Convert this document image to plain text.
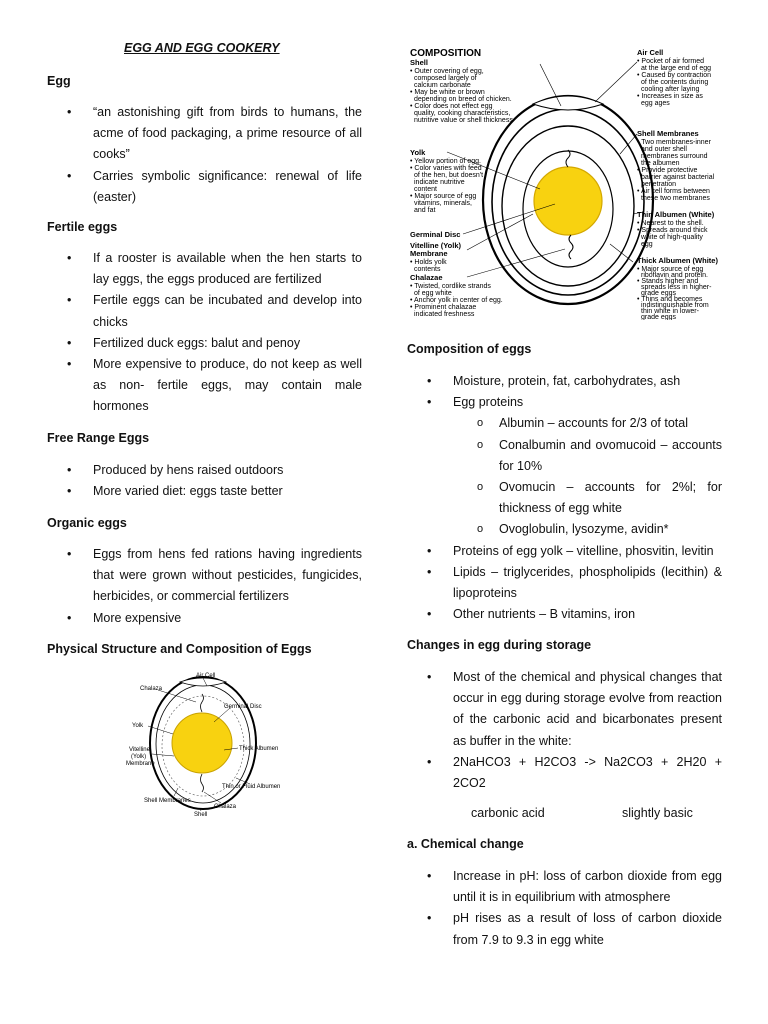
EGG AND EGG COOKERY
Egg
• “an astonishing gift from birds to humans, the acme of food packaging, a prime resource of all cooks”
• Carries symbolic significance: renewal of life (easter)
Fertile eggs
• If a rooster is available when the hen starts to lay eggs, the eggs produced are fertilized
• Fertile eggs can be incubated and develop into chicks
• Fertilized duck eggs: balut and penoy
• More expensive to produce, do not keep as well as non- fertile eggs, may contain male hormones
Free Range Eggs
• Produced by hens raised outdoors
• More varied diet: eggs taste better
Organic eggs
• Eggs from hens fed rations having ingredients that were grown without pesticides, fungicides, herbicides, or commercial fertilizers
• More expensive
Physical Structure and Composition of Eggs
Air Cell
Chalaza
Germinal Disc
Yolk
Thick Albumen
Vitelline
(Yolk)
Membrane
Thin or Fluid Albumen
Shell Membranes
Chalaza
Shell
COMPOSITION
Shell
• Outer covering of egg,
composed largely of
calcium carbonate
• May be white or brown
depending on breed of chicken.
• Color does not effect egg
quality, cooking characteristics,
nutritive value or shell thickness
Yolk
• Yellow portion of egg.
• Color varies with feed
of the hen, but doesn't
indicate nutritive
content
• Major source of egg
vitamins, minerals,
and fat
Germinal Disc
Vitelline (Yolk)
Membrane
• Holds yolk
contents
Chalazae
• Twisted, cordlike strands
of egg white
• Anchor yolk in center of egg.
• Prominent chalazae
indicated freshness
Air Cell
• Pocket of air formed
at the large end of egg
• Caused by contraction
of the contents during
cooling after laying
• Increases in size as
egg ages
Shell Membranes
• Two membranes-inner
and outer shell
membranes surround
the albumen
• Provide protective
barrier against bacterial
penetration
• Air cell forms between
these two membranes
Thin Albumen (White)
• Nearest to the shell.
• Spreads around thick
white of high-quality
egg
Thick Albumen (White)
• Major source of egg
riboflavin and protein.
• Stands higher and
spreads less in higher-
grade eggs
• Thins and becomes
indistinguishable from
thin white in lower-
grade eggs
Composition of eggs
• Moisture, protein, fat, carbohydrates, ash
• Egg proteins
o Albumin – accounts for 2/3 of total
o Conalbumin and ovomucoid – accounts for 10%
o Ovomucin – accounts for 2%l; for thickness of egg white
o Ovoglobulin, lysozyme, avidin*
• Proteins of egg yolk – vitelline, phosvitin, levitin
• Lipids – triglycerides, phospholipids (lecithin) & lipoproteins
• Other nutrients – B vitamins, iron
Changes in egg during storage
• Most of the chemical and physical changes that occur in egg during storage evolve from reaction of the carbonic acid and bicarbonates present as buffer in the white:
• 2NaHCO3 + H2CO3 -> Na2CO3 + 2H20 + 2CO2
carbonic acid	slightly basic
a. Chemical change
• Increase in pH: loss of carbon dioxide from egg until it is in equilibrium with atmosphere
• pH rises as a result of loss of carbon dioxide from 7.9 to 9.3 in egg white
